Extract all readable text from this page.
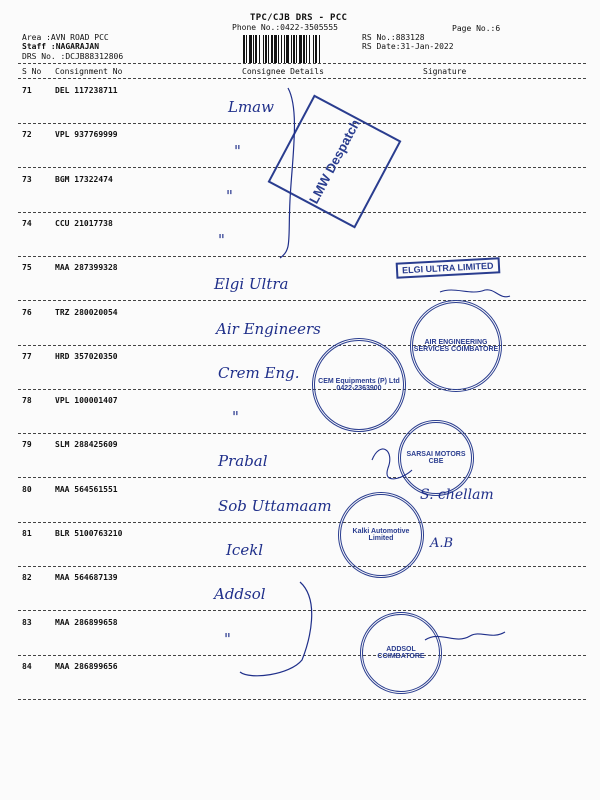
TPC/CJB DRS - PCC
Phone No.:0422-3505555	Page No.:6
Area :AVN ROAD PCC
Staff :NAGARAJAN
DRS No. :DCJB88312806
RS No.:883128
RS Date:31-Jan-2022
S No Consignment No	Consignee Details	Signature
71	DEL 117238711
Lmaw
72	VPL 937769999
"
73	BGM 17322474
"
74	CCU 21017738
"
75	MAA 287399328
Elgi Ultra
76	TRZ 280020054
Air Engineers
77	HRD 357020350
Crem Eng.
78	VPL 100001407
"
79	SLM 288425609
Prabal
80	MAA 564561551
Sob Uttamaam
81	BLR 5100763210
Icekl
82	MAA 564687139
Addsol
83	MAA 286899658
"
84	MAA 286899656
LMW Despatch
ELGI ULTRA LIMITED
AIR ENGINEERING SERVICES COIMBATORE
CEM Equipments (P) Ltd 0422-2363900
SARSAI MOTORS CBE
Kalki Automotive Limited
ADDSOL COIMBATORE
S. chellam
A.B
